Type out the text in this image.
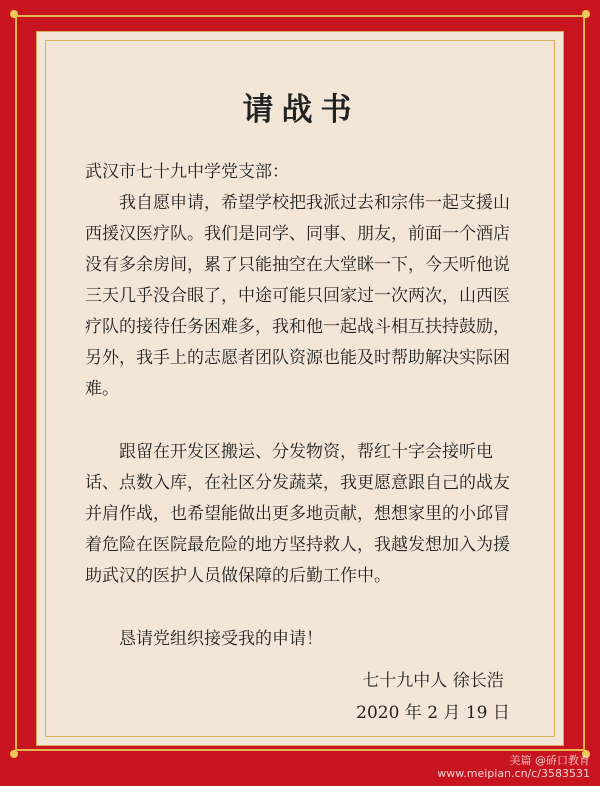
请战书
武汉市七十九中学党支部：

我自愿申请，希望学校把我派过去和宗伟一起支援山西援汉医疗队。我们是同学、同事、朋友，前面一个酒店没有多余房间，累了只能抽空在大堂眯一下，今天听他说三天几乎没合眼了，中途可能只回家过一次两次，山西医疗队的接待任务困难多，我和他一起战斗相互扶持鼓励，另外，我手上的志愿者团队资源也能及时帮助解决实际困难。

跟留在开发区搬运、分发物资，帮红十字会接听电话、点数入库，在社区分发蔬菜，我更愿意跟自己的战友并肩作战，也希望能做出更多地贡献，想想家里的小邱冒着危险在医院最危险的地方坚持救人，我越发想加入为援助武汉的医护人员做保障的后勤工作中。

恳请党组织接受我的申请！

七十九中人 徐长浩
2020 年 2 月 19 日
美篇 @硚口教育
www.meipian.cn/c/3583531
